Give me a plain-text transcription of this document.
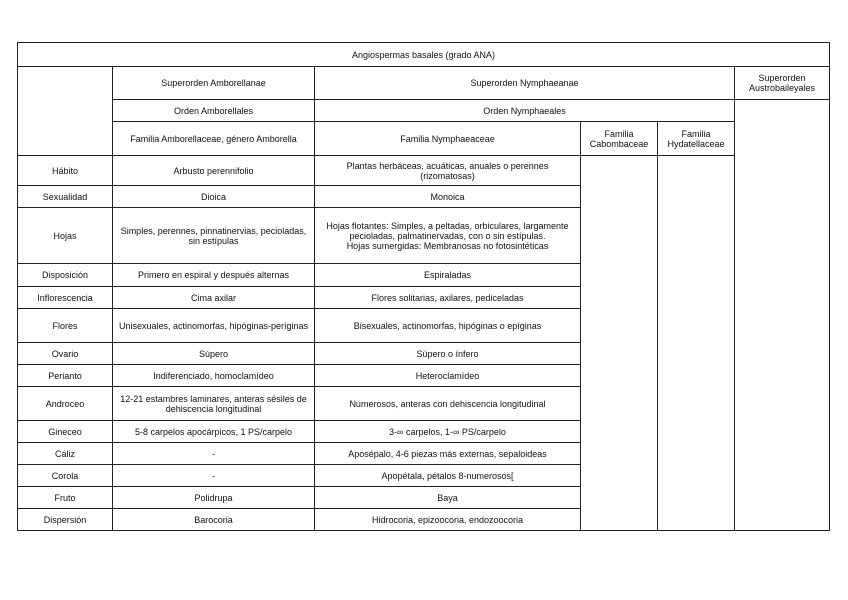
Angiospermas basales (grado ANA)					
	Superorden Amborellanae	Superorden Nymphaeanae			Superorden Austrobaileyales
	Orden Amborellales	Orden Nymphaeales			
	Familia Amborellaceae, género Amborella	Familia Nymphaeaceae	Familia Cabombaceae	Familia Hydatellaceae	
Hábito	Arbusto perennifolio	Plantas herbáceas, acuáticas, anuales o perennes (rizomatosas)			
Sexualidad	Dioica	Monoica			
Hojas	Simples, perennes, pinnatinervias, pecioladas, sin estípulas	Hojas flotantes: Simples, a peltadas, orbiculares, largamente pecioladas, palmatinervadas, con o sin estípulas.
Hojas sumergidas: Membranosas no fotosintéticas			

Disposición	Primero en espiral y después alternas	Espiraladas			
Inflorescencia	Cima axilar	Flores solitarias, axilares, pediceladas			
Flores	Unisexuales, actinomorfas, hipóginas-períginas	Bisexuales, actinomorfas, hipóginas o epíginas			
Ovario	Súpero	Súpero o ínfero			
Perianto	Indiferenciado, homoclamídeo	Heteroclamídeo			
Androceo	12-21 estambres laminares, anteras sésiles de dehiscencia longitudinal	Numerosos, anteras con dehiscencia longitudinal			
Gineceo	5-8 carpelos apocárpicos, 1 PS/carpelo	3-∞ carpelos, 1-∞ PS/carpelo			
Cáliz	-	Aposépalo, 4-6 piezas más externas, sepaloideas			
Corola	-	Apopétala, pétalos 8-numerosos[			
Fruto	Polidrupa	Baya			
Dispersión	Barocoria	Hidrocoria, epizoocoria, endozoocoria			
